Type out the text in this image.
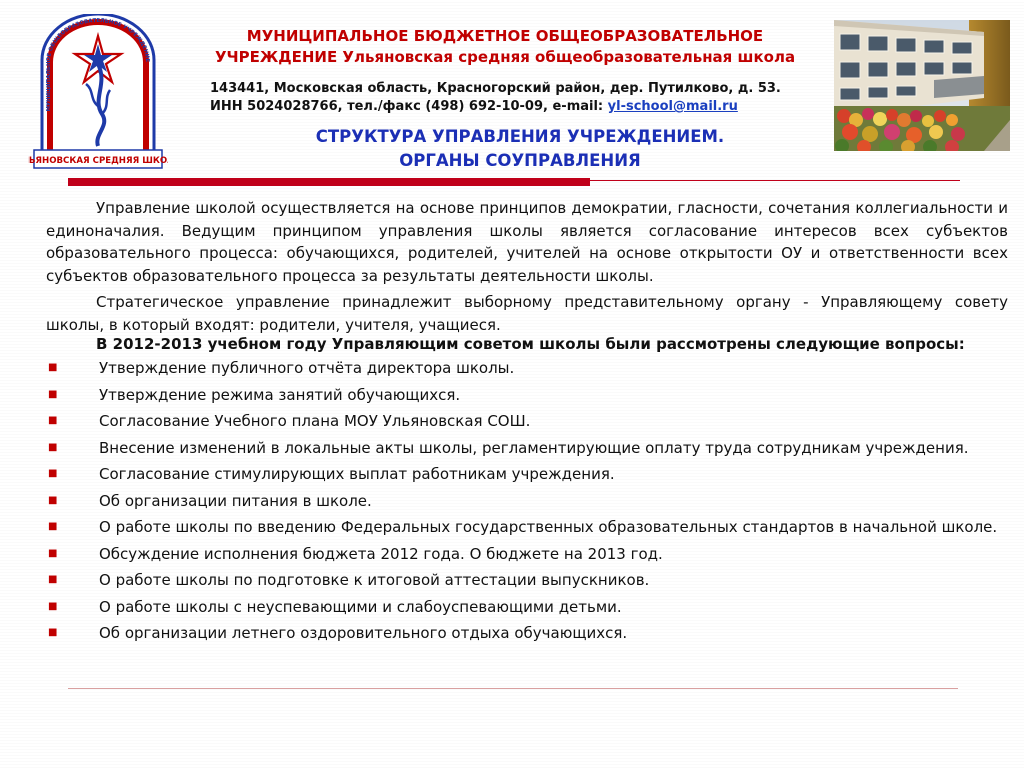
МУНИЦИПАЛЬНОЕ ОБЩЕОБРАЗОВАТЕЛЬНОЕ УЧРЕЖДЕНИЕ
ЬЯНОВСКАЯ СРЕДНЯЯ ШКО
МУНИЦИПАЛЬНОЕ БЮДЖЕТНОЕ ОБЩЕОБРАЗОВАТЕЛЬНОЕ
УЧРЕЖДЕНИЕ Ульяновская средняя общеобразовательная школа
143441, Московская область, Красногорский район, дер. Путилково, д. 53.
ИНН 5024028766, тел./факс (498) 692-10-09, e-mail: yl-school@mail.ru
СТРУКТУРА УПРАВЛЕНИЯ УЧРЕЖДЕНИЕМ.
ОРГАНЫ СОУПРАВЛЕНИЯ

Управление школой осуществляется на основе принципов демократии, гласности, сочетания коллегиальности и единоначалия. Ведущим принципом управления школы является согласование интересов всех субъектов образовательного процесса: обучающихся, родителей, учителей на основе открытости ОУ и ответственности всех субъектов образовательного процесса за результаты деятельности школы.

Стратегическое управление принадлежит выборному представительному органу - Управляющему совету школы, в который входят: родители, учителя, учащиеся.

В 2012-2013 учебном году Управляющим советом школы были рассмотрены следующие вопросы:

■	Утверждение публичного отчёта директора школы.
■	Утверждение режима занятий обучающихся.
■	Согласование Учебного плана МОУ Ульяновская СОШ.
■	Внесение изменений в локальные акты школы, регламентирующие оплату труда сотрудникам учреждения.
■	Согласование стимулирующих выплат работникам учреждения.
■	Об организации питания в школе.
■	О работе школы по введению Федеральных государственных образовательных стандартов в начальной школе.
■	Обсуждение исполнения бюджета 2012 года. О бюджете на 2013 год.
■	О работе школы по подготовке к итоговой аттестации выпускников.
■	О работе школы с неуспевающими и слабоуспевающими детьми.
■	Об организации летнего оздоровительного отдыха обучающихся.
